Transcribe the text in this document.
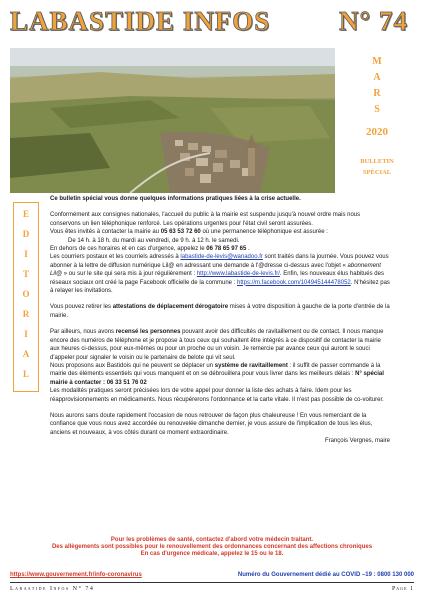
LABASTIDE INFOS	N° 74
M
A
R
S
2020
BULLETIN
SPÉCIAL
E
D
I
T
O
R
I
A
L

Ce bulletin spécial vous donne quelques informations pratiques liées à la crise actuelle.

Conformément aux consignes nationales, l'accueil du public à la mairie est suspendu jusqu'à nouvel ordre mais nous conservons un lien téléphonique renforcé. Les opérations urgentes pour l'état civil seront assurées.

Vous êtes invités à contacter la mairie au 05 63 53 72 60 où une permanence téléphonique est assurée :

De 14 h. à 18 h. du mardi au vendredi, de 9 h. à 12 h. le samedi.

En dehors de ces horaires et en cas d'urgence, appelez le 06 78 65 97 65 .

Les courriers postaux et les courriels adressés à labastide-de-levis@wanadoo.fr sont traités dans la journée. Vous pouvez vous abonner à la lettre de diffusion numérique Lil@ en adressant une demande à l'@dresse ci-dessus avec l'objet « abonnement Lil@ » ou sur le site qui sera mis à jour régulièrement : http://www.labastide-de-levis.fr/. Enfin, les nouveaux élus habitués des réseaux sociaux ont créé la page Facebook officielle de la commune : https://m.facebook.com/104945144478052. N'hésitez pas à relayer les invitations.

Vous pouvez retirer les attestations de déplacement dérogatoire mises à votre disposition à gauche de la porte d'entrée de la mairie.

Par ailleurs, nous avons recensé les personnes pouvant avoir des difficultés de ravitaillement ou de contact. Il nous manque encore des numéros de téléphone et je propose à tous ceux qui souhaitent être intégrés à ce dispositif de contacter la mairie aux heures ci-dessus, pour eux-mêmes ou pour un proche ou un voisin. Je remercie par avance ceux qui auront le souci d'appeler pour signaler le voisin ou le partenaire de belote qui vit seul.

Nous proposons aux Bastidois qui ne peuvent se déplacer un système de ravitaillement : il suffit de passer commande à la mairie des éléments essentiels qui vous manquent et on se débrouillera pour vous livrer dans les meilleurs délais : N° spécial mairie à contacter : 06 33 51 76 02

Les modalités pratiques seront précisées lors de votre appel pour donner la liste des achats à faire. Idem pour les réapprovisionnements en médicaments. Nous récupérerons l'ordonnance et la carte vitale. Il n'est pas possible de co-voiturer.

Nous aurons sans doute rapidement l'occasion de nous retrouver de façon plus chaleureuse ! En vous remerciant de la confiance que vous nous avez accordée ou renouvelée dimanche dernier, je vous assure de l'implication de tous les élus, anciens et nouveaux, à vos côtés durant ce moment extraordinaire.

François Vergnes, maire

Pour les problèmes de santé, contactez d'abord votre médecin traitant.
Des allègements sont possibles pour le renouvellement des ordonnances concernant des affections chroniques
En cas d'urgence médicale, appelez le 15 ou le 18.
https://www.gouvernement.fr/info-coronavirus	Numéro du Gouvernement dédié au COVID –19 : 0800 130 000
Labastide Infos N° 74	Page 1
